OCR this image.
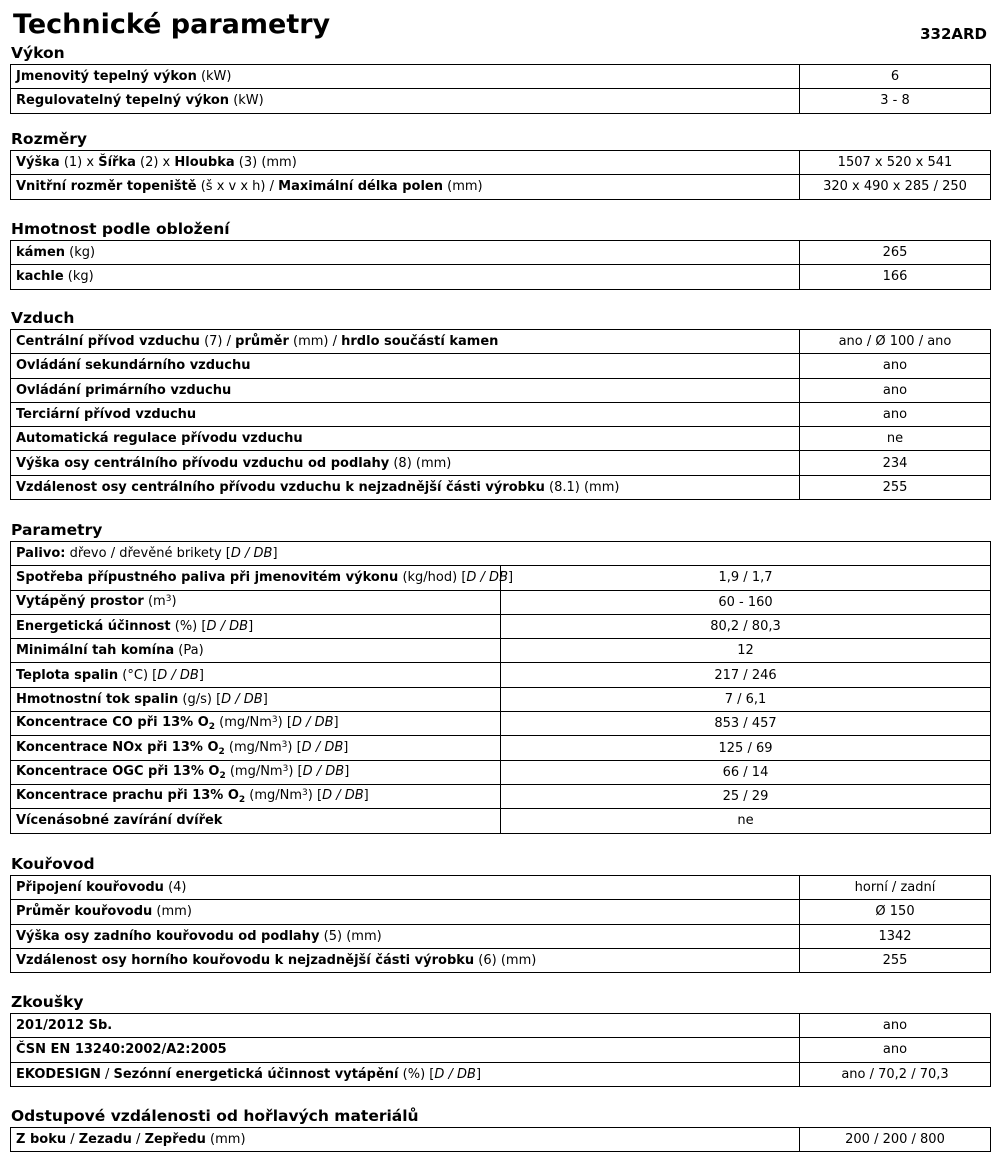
Technické parametry	332ARD
Výkon
Jmenovitý tepelný výkon (kW)	6
Regulovatelný tepelný výkon (kW)	3 - 8
Rozměry
Výška (1) x Šířka (2) x Hloubka (3) (mm)	1507 x 520 x 541
Vnitřní rozměr topeniště (š x v x h) / Maximální délka polen (mm)	320 x 490 x 285 / 250
Hmotnost podle obložení
kámen (kg)	265
kachle (kg)	166
Vzduch
Centrální přívod vzduchu (7) / průměr (mm) / hrdlo součástí kamen	ano / Ø 100 / ano
Ovládání sekundárního vzduchu	ano
Ovládání primárního vzduchu	ano
Terciární přívod vzduchu	ano
Automatická regulace přívodu vzduchu	ne
Výška osy centrálního přívodu vzduchu od podlahy (8) (mm)	234
Vzdálenost osy centrálního přívodu vzduchu k nejzadnější části výrobku (8.1) (mm)	255
Parametry
Palivo: dřevo / dřevěné brikety [D / DB]	
Spotřeba přípustného paliva při jmenovitém výkonu (kg/hod) [D / DB]	1,9 / 1,7
Vytápěný prostor $(m^3)$	60 - 160
Energetická účinnost (%) [D / DB]	80,2 / 80,3
Minimální tah komína (Pa)	12
Teplota spalin (°C) [D / DB]	217 / 246
Hmotnostní tok spalin (g/s) [D / DB]	7 / 6,1
Koncentrace CO při 13% $O_2$ (mg/Nm$^3$) [D / DB]	853 / 457
Koncentrace NOx při 13% $O_2$ (mg/Nm$^3$) [D / DB]	125 / 69
Koncentrace OGC při 13% $O_2$ (mg/Nm$^3$) [D / DB]	66 / 14
Koncentrace prachu při 13% $O_2$ (mg/Nm$^3$) [D / DB]	25 / 29
Vícenásobné zavírání dvířek	ne
Kouřovod
Připojení kouřovodu (4)	horní / zadní
Průměr kouřovodu (mm)	Ø 150
Výška osy zadního kouřovodu od podlahy (5) (mm)	1342
Vzdálenost osy horního kouřovodu k nejzadnější části výrobku (6) (mm)	255
Zkoušky
201/2012 Sb.	ano
ČSN EN 13240:2002/A2:2005	ano
EKODESIGN / Sezónní energetická účinnost vytápění (%) [D / DB]	ano / 70,2 / 70,3
Odstupové vzdálenosti od hořlavých materiálů
Z boku / Zezadu / Zepředu (mm)	200 / 200 / 800
